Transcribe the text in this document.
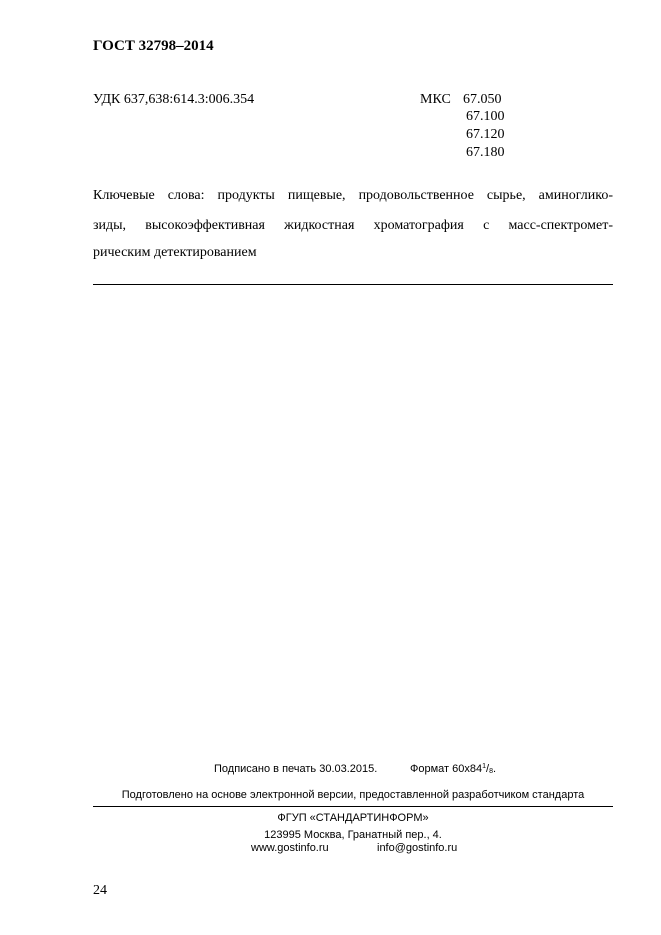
ГОСТ 32798–2014
УДК 637,638:614.3:006.354	МКС 67.050
67.100
67.120
67.180
Ключевые слова: продукты пищевые, продовольственное сырье, аминоглико-
зиды, высокоэффективная жидкостная хроматография с масс-спектромет-
рическим детектированием
Подписано в печать 30.03.2015.	Формат $60x84^1/_8$.
Подготовлено на основе электронной версии, предоставленной разработчиком стандарта
ФГУП «СТАНДАРТИНФОРМ»
123995 Москва, Гранатный пер., 4.
www.gostinfo.ru	info@gostinfo.ru
24
